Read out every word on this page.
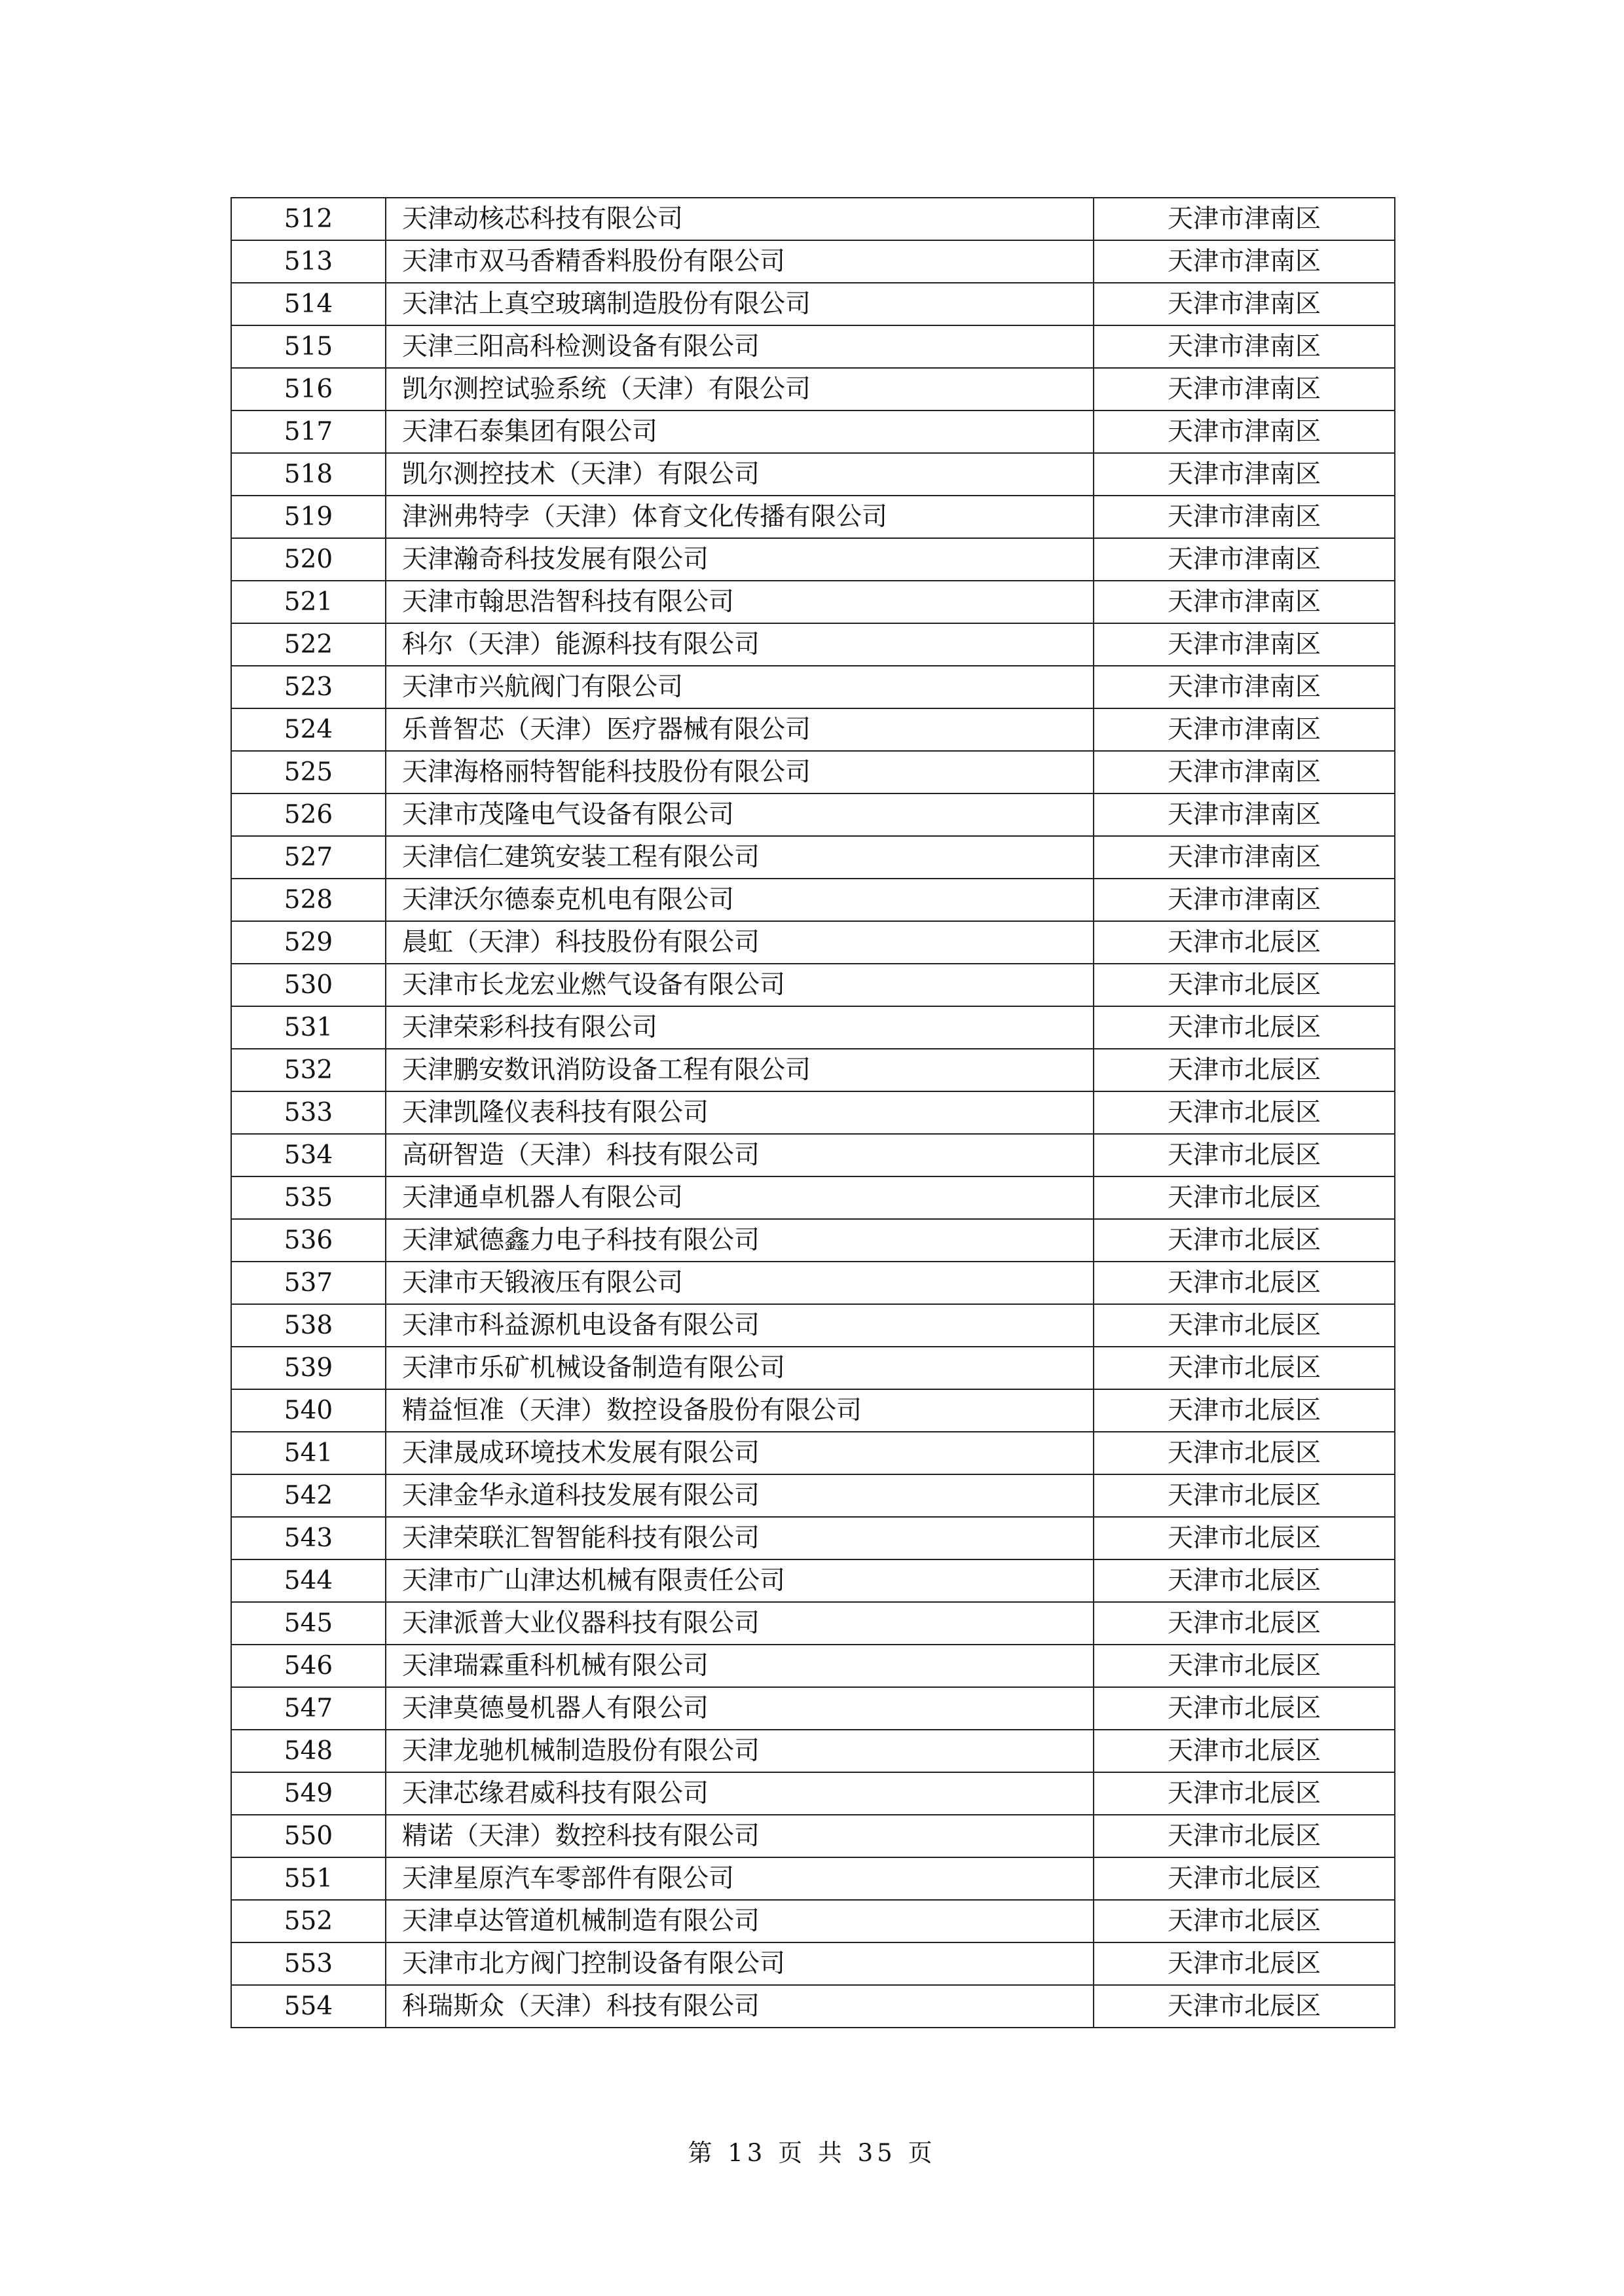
512	天津动核芯科技有限公司	天津市津南区
513	天津市双马香精香料股份有限公司	天津市津南区
514	天津沽上真空玻璃制造股份有限公司	天津市津南区
515	天津三阳高科检测设备有限公司	天津市津南区
516	凯尔测控试验系统（天津）有限公司	天津市津南区
517	天津石泰集团有限公司	天津市津南区
518	凯尔测控技术（天津）有限公司	天津市津南区
519	津洲弗特孛（天津）体育文化传播有限公司	天津市津南区
520	天津瀚奇科技发展有限公司	天津市津南区
521	天津市翰思浩智科技有限公司	天津市津南区
522	科尔（天津）能源科技有限公司	天津市津南区
523	天津市兴航阀门有限公司	天津市津南区
524	乐普智芯（天津）医疗器械有限公司	天津市津南区
525	天津海格丽特智能科技股份有限公司	天津市津南区
526	天津市茂隆电气设备有限公司	天津市津南区
527	天津信仁建筑安装工程有限公司	天津市津南区
528	天津沃尔德泰克机电有限公司	天津市津南区
529	晨虹（天津）科技股份有限公司	天津市北辰区
530	天津市长龙宏业燃气设备有限公司	天津市北辰区
531	天津荣彩科技有限公司	天津市北辰区
532	天津鹏安数讯消防设备工程有限公司	天津市北辰区
533	天津凯隆仪表科技有限公司	天津市北辰区
534	高研智造（天津）科技有限公司	天津市北辰区
535	天津通卓机器人有限公司	天津市北辰区
536	天津斌德鑫力电子科技有限公司	天津市北辰区
537	天津市天锻液压有限公司	天津市北辰区
538	天津市科益源机电设备有限公司	天津市北辰区
539	天津市乐矿机械设备制造有限公司	天津市北辰区
540	精益恒准（天津）数控设备股份有限公司	天津市北辰区
541	天津晟成环境技术发展有限公司	天津市北辰区
542	天津金华永道科技发展有限公司	天津市北辰区
543	天津荣联汇智智能科技有限公司	天津市北辰区
544	天津市广山津达机械有限责任公司	天津市北辰区
545	天津派普大业仪器科技有限公司	天津市北辰区
546	天津瑞霖重科机械有限公司	天津市北辰区
547	天津莫德曼机器人有限公司	天津市北辰区
548	天津龙驰机械制造股份有限公司	天津市北辰区
549	天津芯缘君威科技有限公司	天津市北辰区
550	精诺（天津）数控科技有限公司	天津市北辰区
551	天津星原汽车零部件有限公司	天津市北辰区
552	天津卓达管道机械制造有限公司	天津市北辰区
553	天津市北方阀门控制设备有限公司	天津市北辰区
554	科瑞斯众（天津）科技有限公司	天津市北辰区
第 13 页 共 35 页
